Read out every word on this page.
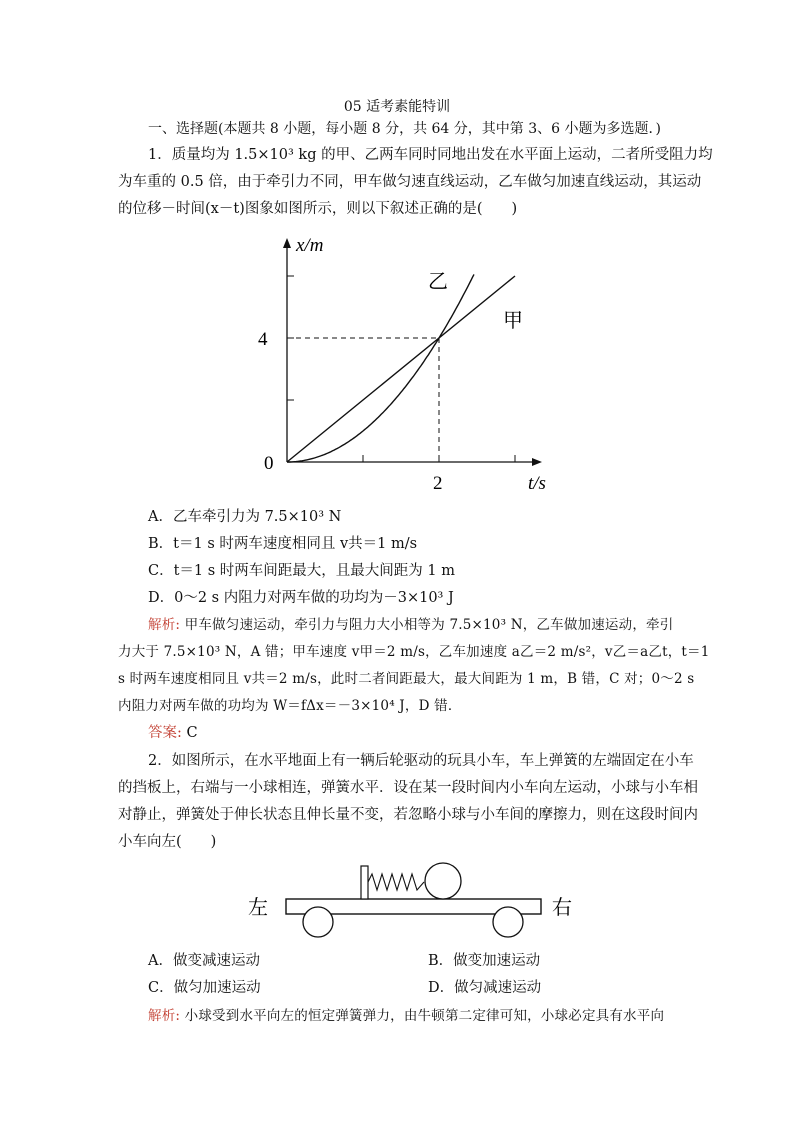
05 适考素能特训
一、选择题(本题共 8 小题，每小题 8 分，共 64 分，其中第 3、6 小题为多选题．)
1．质量均为 1.5×10³ kg 的甲、乙两车同时同地出发在水平面上运动，二者所受阻力均
为车重的 0.5 倍，由于牵引力不同，甲车做匀速直线运动，乙车做匀加速直线运动，其运动
的位移－时间(x－t)图象如图所示，则以下叙述正确的是(　　)
0
4
2
x/m
t/s
乙
甲
A．乙车牵引力为 7.5×10³ N
B．t＝1 s 时两车速度相同且 v共＝1 m/s
C．t＝1 s 时两车间距最大，且最大间距为 1 m
D．0～2 s 内阻力对两车做的功均为－3×10³ J
解析: 甲车做匀速运动，牵引力与阻力大小相等为 7.5×10³ N，乙车做加速运动，牵引
力大于 7.5×10³ N，A 错；甲车速度 v甲＝2 m/s，乙车加速度 a乙＝2 m/s²，v乙＝a乙t，t＝1
s 时两车速度相同且 v共＝2 m/s，此时二者间距最大，最大间距为 1 m，B 错，C 对；0～2 s
内阻力对两车做的功均为 W＝fΔx＝－3×10⁴ J，D 错．
答案: C
2．如图所示，在水平地面上有一辆后轮驱动的玩具小车，车上弹簧的左端固定在小车
的挡板上，右端与一小球相连，弹簧水平．设在某一段时间内小车向左运动，小球与小车相
对静止，弹簧处于伸长状态且伸长量不变，若忽略小球与小车间的摩擦力，则在这段时间内
小车向左(　　)
左	右
A．做变减速运动	B．做变加速运动
C．做匀加速运动	D．做匀减速运动
解析: 小球受到水平向左的恒定弹簧弹力，由牛顿第二定律可知，小球必定具有水平向
